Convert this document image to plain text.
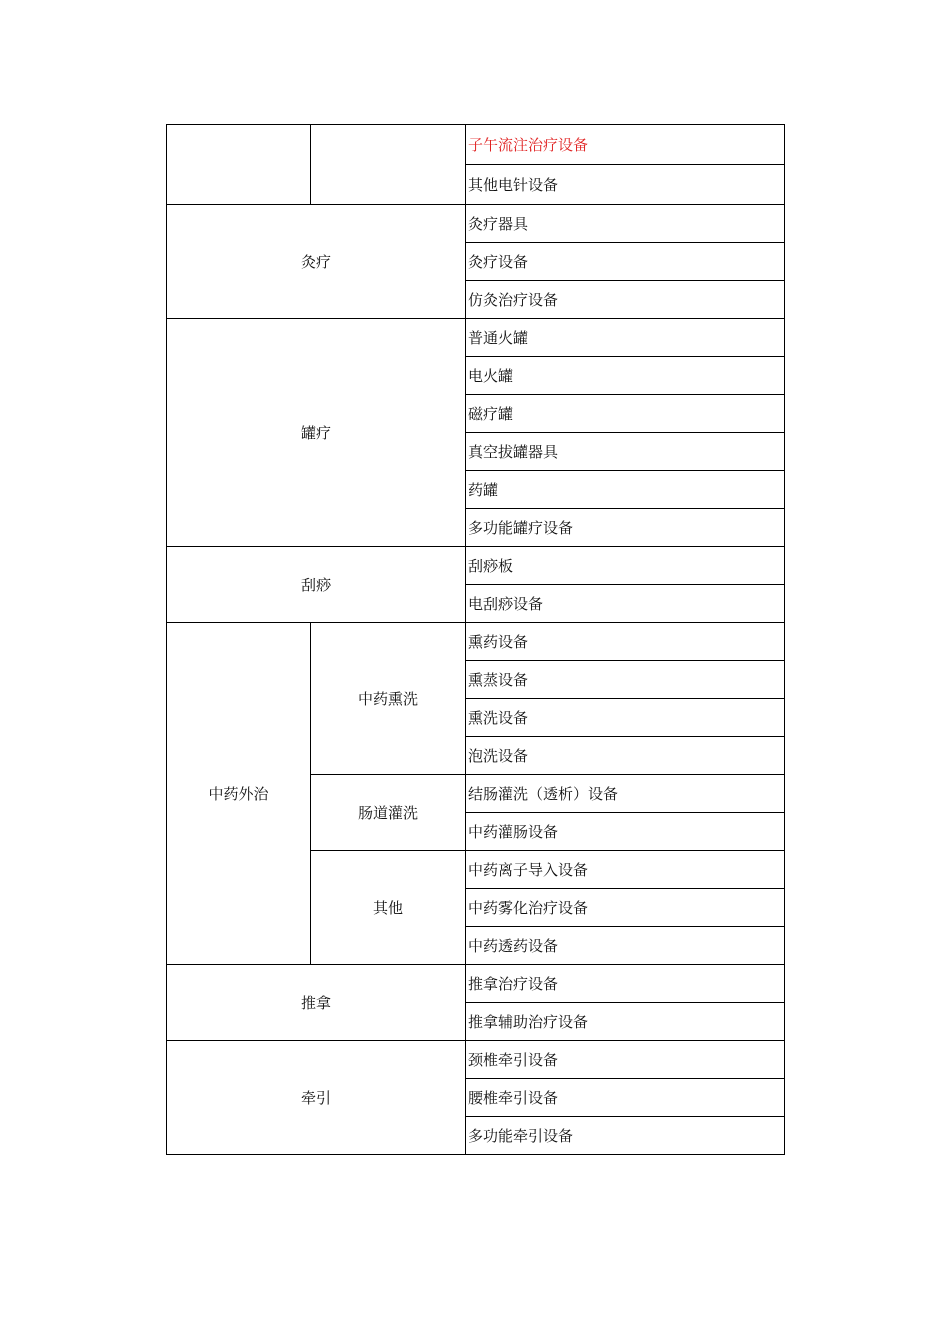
		子午流注治疗设备
		其他电针设备
灸疗		灸疗器具
		灸疗设备
		仿灸治疗设备
罐疗		普通火罐
		电火罐
		磁疗罐
		真空拔罐器具
		药罐
		多功能罐疗设备
刮痧		刮痧板
		电刮痧设备
中药外治	中药熏洗	熏药设备
		熏蒸设备
		熏洗设备
		泡洗设备
	肠道灌洗	结肠灌洗（透析）设备
		中药灌肠设备
	其他	中药离子导入设备
		中药雾化治疗设备
		中药透药设备
推拿		推拿治疗设备
		推拿辅助治疗设备
牵引		颈椎牵引设备
		腰椎牵引设备
		多功能牵引设备
